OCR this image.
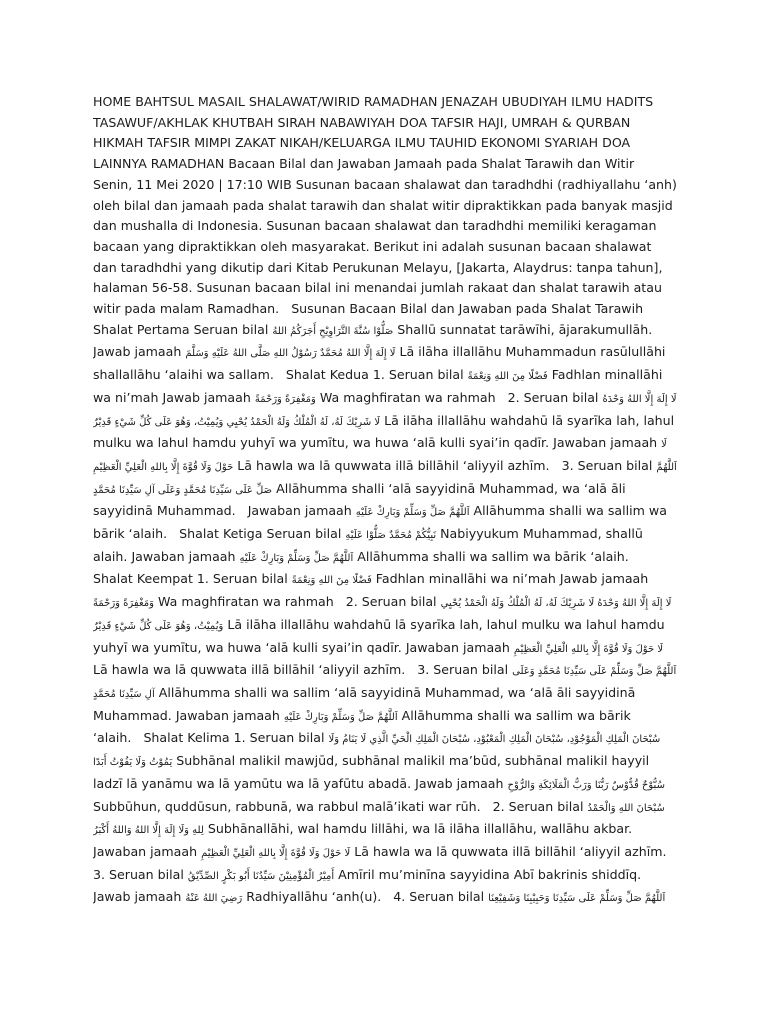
HOME BAHTSUL MASAIL SHALAWAT/WIRID RAMADHAN JENAZAH UBUDIYAH ILMU HADITS TASAWUF/AKHLAK KHUTBAH SIRAH NABAWIYAH DOA TAFSIR HAJI, UMRAH & QURBAN HIKMAH TAFSIR MIMPI ZAKAT NIKAH/KELUARGA ILMU TAUHID EKONOMI SYARIAH DOA LAINNYA RAMADHAN Bacaan Bilal dan Jawaban Jamaah pada Shalat Tarawih dan Witir Senin, 11 Mei 2020 | 17:10 WIB Susunan bacaan shalawat dan taradhdhi (radhiyallahu ‘anh) oleh bilal dan jamaah pada shalat tarawih dan shalat witir dipraktikkan pada banyak masjid dan mushalla di Indonesia. Susunan bacaan shalawat dan taradhdhi memiliki keragaman bacaan yang dipraktikkan oleh masyarakat. Berikut ini adalah susunan bacaan shalawat dan taradhdhi yang dikutip dari Kitab Perukunan Melayu, [Jakarta, Alaydrus: tanpa tahun], halaman 56-58. Susunan bacaan bilal ini menandai jumlah rakaat dan shalat tarawih atau witir pada malam Ramadhan. Susunan Bacaan Bilal dan Jawaban pada Shalat Tarawih   Shalat Pertama Seruan bilal صَلُّوْا سُنَّةَ التَّرَاوِيْحِ أَجَرَكُمُ اللهُ Shallū sunnatat tarāwīhi, ājarakumullāh.   Jawab jamaah لَا إِلَهَ إِلَّا اللهُ مُحَمَّدٌ رَسُوْلُ اللهِ صَلَّى اللهُ عَلَيْهِ وَسَلَّمَ Lā ilāha illallāhu Muhammadun rasūlullāhi shallallāhu ‘alaihi wa sallam. Shalat Kedua 1. Seruan bilal فَضْلًا مِنَ اللهِ وَنِعْمَةً Fadhlan minallāhi wa ni’mah Jawab jamaah وَمَغْفِرَةً وَرَحْمَةً Wa maghfiratan wa rahmah 2. Seruan bilal لَا إِلَهَ إِلَّا اللهُ وَحْدَهُ لَا شَرِيْكَ لَهُ، لَهُ الْمُلْكُ وَلَهُ الْحَمْدُ يُحْيِي وَيُمِيْتُ، وَهُوَ عَلَى كُلِّ شَيْءٍ قَدِيْرٌ Lā ilāha illallāhu wahdahū lā syarīka lah, lahul mulku wa lahul hamdu yuhyī wa yumītu, wa huwa ‘alā kulli syai’in qadīr. Jawaban jamaah لَا حَوْلَ وَلَا قُوَّةَ إِلَّا بِاللهِ الْعَلِيِّ الْعَظِيْمِ Lā hawla wa lā quwwata illā billāhil ‘aliyyil azhīm. 3. Seruan bilal اَللَّهُمَّ صَلِّ عَلَى سَيِّدِنَا مُحَمَّدٍ وَعَلَى آلِ سَيِّدِنَا مُحَمَّدٍ Allāhumma shalli ‘alā sayyidinā Muhammad, wa ‘alā āli sayyidinā Muhammad. Jawaban jamaah اَللَّهُمَّ صَلِّ وَسَلِّمْ وَبَارِكْ عَلَيْهِ Allāhumma shalli wa sallim wa bārik ‘alaih. Shalat Ketiga Seruan bilal نَبِيُّكُمْ مُحَمَّدٌ صَلُّوْا عَلَيْهِ Nabiyyukum Muhammad, shallū alaih. Jawaban jamaah اَللَّهُمَّ صَلِّ وَسَلِّمْ وَبَارِكْ عَلَيْهِ Allāhumma shalli wa sallim wa bārik ‘alaih.   Shalat Keempat 1. Seruan bilal فَضْلًا مِنَ اللهِ وَنِعْمَةً Fadhlan minallāhi wa ni’mah Jawab jamaah وَمَغْفِرَةً وَرَحْمَةً Wa maghfiratan wa rahmah 2. Seruan bilal لَا إِلَهَ إِلَّا اللهُ وَحْدَهُ لَا شَرِيْكَ لَهُ، لَهُ الْمُلْكُ وَلَهُ الْحَمْدُ يُحْيِي وَيُمِيْتُ، وَهُوَ عَلَى كُلِّ شَيْءٍ قَدِيْرٌ Lā ilāha illallāhu wahdahū lā syarīka lah, lahul mulku wa lahul hamdu yuhyī wa yumītu, wa huwa ‘alā kulli syai’in qadīr. Jawaban jamaah لَا حَوْلَ وَلَا قُوَّةَ إِلَّا بِاللهِ الْعَلِيِّ الْعَظِيْمِ Lā hawla wa lā quwwata illā billāhil ‘aliyyil azhīm. 3. Seruan bilal اَللَّهُمَّ صَلِّ وَسَلِّمْ عَلَى سَيِّدِنَا مُحَمَّدٍ وَعَلَى آلِ سَيِّدِنَا مُحَمَّدٍ Allāhumma shalli wa sallim ‘alā sayyidinā Muhammad, wa ‘alā āli sayyidinā Muhammad. Jawaban jamaah اَللَّهُمَّ صَلِّ وَسَلِّمْ وَبَارِكْ عَلَيْهِ Allāhumma shalli wa sallim wa bārik ‘alaih. Shalat Kelima 1. Seruan bilal سُبْحَانَ الْمَلِكِ الْمَوْجُوْدِ، سُبْحَانَ الْمَلِكِ الْمَعْبُوْدِ، سُبْحَانَ الْمَلِكِ الْحَيِّ الَّذِي لَا يَنَامُ وَلَا يَمُوْتُ وَلَا يَفُوْتُ أَبَدًا Subhānal malikil mawjūd, subhānal malikil ma’būd, subhānal malikil hayyil ladzī lā yanāmu wa lā yamūtu wa lā yafūtu abadā. Jawab jamaah سُبُّوْحٌ قُدُّوْسٌ رَبُّنَا وَرَبُّ الْمَلَائِكَةِ وَالرُّوْحِ Subbūhun, quddūsun, rabbunā, wa rabbul malā’ikati war rūh. 2. Seruan bilal سُبْحَانَ اللهِ وَالْحَمْدُ لِلهِ وَلَا إِلَهَ إِلَّا اللهُ وَاللهُ أَكْبَرُ Subhānallāhi, wal hamdu lillāhi, wa lā ilāha illallāhu, wallāhu akbar. Jawaban jamaah لَا حَوْلَ وَلَا قُوَّةَ إِلَّا بِاللهِ الْعَلِيِّ الْعَظِيْمِ Lā hawla wa lā quwwata illā billāhil ‘aliyyil azhīm.   3. Seruan bilal أَمِيْرُ الْمُؤْمِنِيْنَ سَيِّدُنَا أَبُو بَكْرٍ الصِّدِّيْقُ Amīril mu’minīna sayyidina Abī bakrinis shiddīq. Jawab jamaah رَضِيَ اللهُ عَنْهُ Radhiyallāhu ‘anh(u). 4. Seruan bilal اَللَّهُمَّ صَلِّ وَسَلِّمْ عَلَى سَيِّدِنَا وَحَبِيْبِنَا وَشَفِيْعِنَا
